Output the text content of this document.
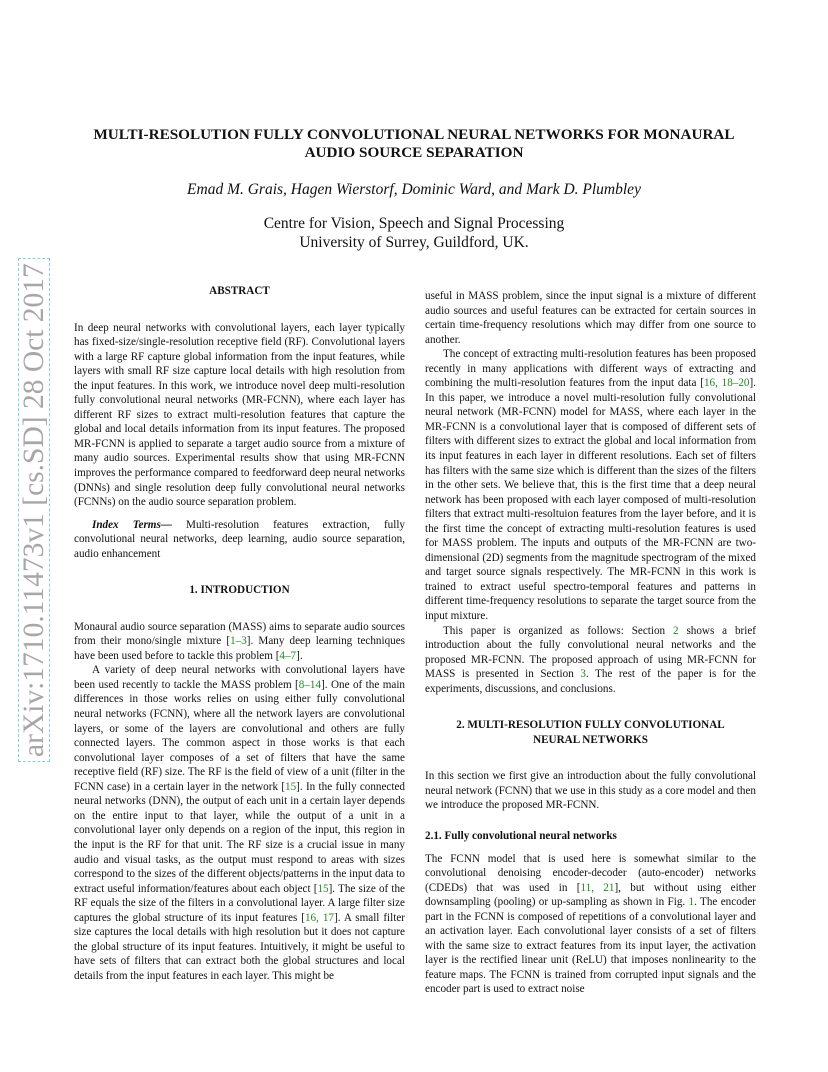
arXiv:1710.11473v1 [cs.SD] 28 Oct 2017
MULTI-RESOLUTION FULLY CONVOLUTIONAL NEURAL NETWORKS FOR MONAURAL
AUDIO SOURCE SEPARATION
Emad M. Grais, Hagen Wierstorf, Dominic Ward, and Mark D. Plumbley
Centre for Vision, Speech and Signal Processing
University of Surrey, Guildford, UK.

ABSTRACT

In deep neural networks with convolutional layers, each layer typically has fixed-size/single-resolution receptive field (RF). Convolutional layers with a large RF capture global information from the input features, while layers with small RF size capture local details with high resolution from the input features. In this work, we introduce novel deep multi-resolution fully convolutional neural networks (MR-FCNN), where each layer has different RF sizes to extract multi-resolution features that capture the global and local details information from its input features. The proposed MR-FCNN is applied to separate a target audio source from a mixture of many audio sources. Experimental results show that using MR-FCNN improves the performance compared to feedforward deep neural networks (DNNs) and single resolution deep fully convolutional neural networks (FCNNs) on the audio source separation problem.

Index Terms— Multi-resolution features extraction, fully convolutional neural networks, deep learning, audio source separation, audio enhancement

1. INTRODUCTION

Monaural audio source separation (MASS) aims to separate audio sources from their mono/single mixture [1–3]. Many deep learning techniques have been used before to tackle this problem [4–7].

A variety of deep neural networks with convolutional layers have been used recently to tackle the MASS problem [8–14]. One of the main differences in those works relies on using either fully convolutional neural networks (FCNN), where all the network layers are convolutional layers, or some of the layers are convolutional and others are fully connected layers. The common aspect in those works is that each convolutional layer composes of a set of filters that have the same receptive field (RF) size. The RF is the field of view of a unit (filter in the FCNN case) in a certain layer in the network [15]. In the fully connected neural networks (DNN), the output of each unit in a certain layer depends on the entire input to that layer, while the output of a unit in a convolutional layer only depends on a region of the input, this region in the input is the RF for that unit. The RF size is a crucial issue in many audio and visual tasks, as the output must respond to areas with sizes correspond to the sizes of the different objects/patterns in the input data to extract useful information/features about each object [15]. The size of the RF equals the size of the filters in a convolutional layer. A large filter size captures the global structure of its input features [16, 17]. A small filter size captures the local details with high resolution but it does not capture the global structure of its input features. Intuitively, it might be useful to have sets of filters that can extract both the global structures and local details from the input features in each layer. This might be

useful in MASS problem, since the input signal is a mixture of different audio sources and useful features can be extracted for certain sources in certain time-frequency resolutions which may differ from one source to another.

The concept of extracting multi-resolution features has been proposed recently in many applications with different ways of extracting and combining the multi-resolution features from the input data [16, 18–20]. In this paper, we introduce a novel multi-resolution fully convolutional neural network (MR-FCNN) model for MASS, where each layer in the MR-FCNN is a convolutional layer that is composed of different sets of filters with different sizes to extract the global and local information from its input features in each layer in different resolutions. Each set of filters has filters with the same size which is different than the sizes of the filters in the other sets. We believe that, this is the first time that a deep neural network has been proposed with each layer composed of multi-resolution filters that extract multi-resoltuion features from the layer before, and it is the first time the concept of extracting multi-resolution features is used for MASS problem. The inputs and outputs of the MR-FCNN are two-dimensional (2D) segments from the magnitude spectrogram of the mixed and target source signals respectively. The MR-FCNN in this work is trained to extract useful spectro-temporal features and patterns in different time-frequency resolutions to separate the target source from the input mixture.

This paper is organized as follows: Section 2 shows a brief introduction about the fully convolutional neural networks and the proposed MR-FCNN. The proposed approach of using MR-FCNN for MASS is presented in Section 3. The rest of the paper is for the experiments, discussions, and conclusions.

2. MULTI-RESOLUTION FULLY CONVOLUTIONAL
NEURAL NETWORKS

In this section we first give an introduction about the fully convolutional neural network (FCNN) that we use in this study as a core model and then we introduce the proposed MR-FCNN.

2.1. Fully convolutional neural networks

The FCNN model that is used here is somewhat similar to the convolutional denoising encoder-decoder (auto-encoder) networks (CDEDs) that was used in [11, 21], but without using either downsampling (pooling) or up-sampling as shown in Fig. 1. The encoder part in the FCNN is composed of repetitions of a convolutional layer and an activation layer. Each convolutional layer consists of a set of filters with the same size to extract features from its input layer, the activation layer is the rectified linear unit (ReLU) that imposes nonlinearity to the feature maps. The FCNN is trained from corrupted input signals and the encoder part is used to extract noise
